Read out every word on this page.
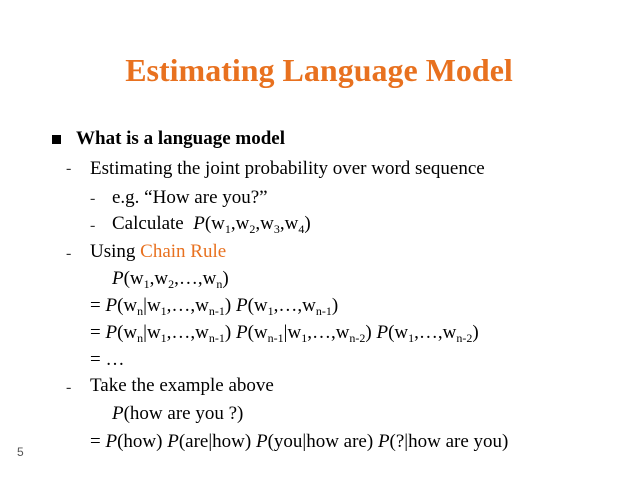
Estimating Language Model
What is a language model
- Estimating the joint probability over word sequence
- e.g. “How are you?”
- Calculate $P(w_1,w_2,w_3,w_4)$
- Using Chain Rule
$P(w_1,w_2,\dots,w_n)$
= $P(w_n|w_1,\dots,w_{n-1})$ $P(w_1,\dots,w_{n-1})$
= $P(w_n|w_1,\dots,w_{n-1})$ $P(w_{n-1}|w_1,\dots,w_{n-2})$ $P(w_1,\dots,w_{n-2})$
= …
- Take the example above
P(how are you ?)
= P(how) P(are|how) P(you|how are) P(?|how are you)
5
